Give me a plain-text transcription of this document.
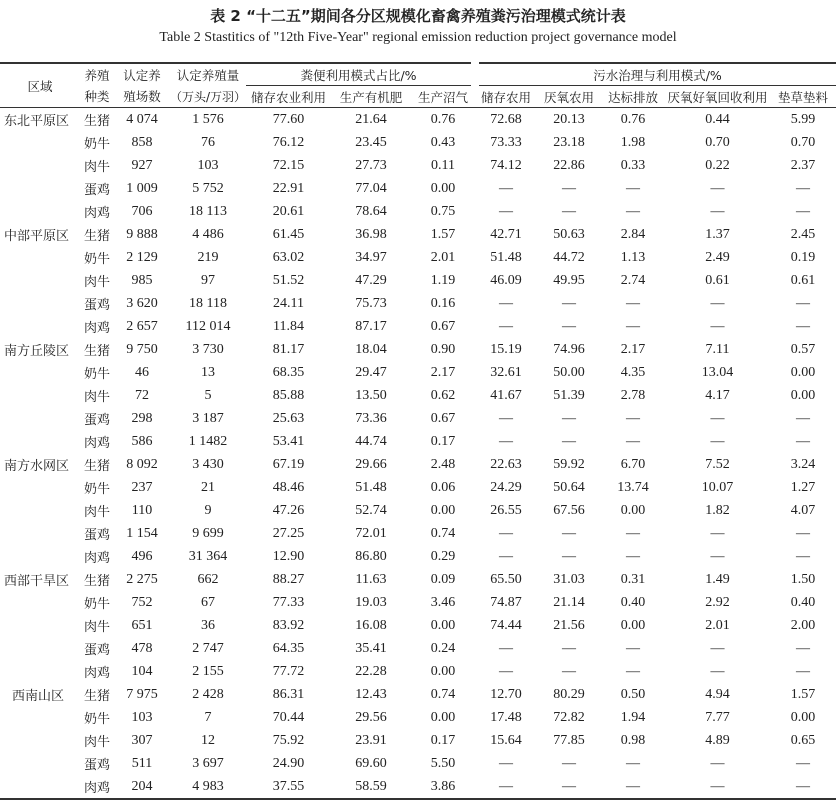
表 2 “十二五”期间各分区规模化畜禽养殖粪污治理模式统计表
Table 2 Stastitics of "12th Five-Year" regional emission reduction project governance model
区域	养殖	认定养	认定养殖量	粪便利用模式占比/%			污水治理与利用模式/%				
	种类	殖场数	（万头/万羽）	储存农业利用	生产有机肥	生产沼气	储存农用	厌氧农用	达标排放	厌氧好氧回收利用	垫草垫料
东北平原区	生猪	4 074	1 576	77.60	21.64	0.76	72.68	20.13	0.76	0.44	5.99
	奶牛	858	76	76.12	23.45	0.43	73.33	23.18	1.98	0.70	0.70
	肉牛	927	103	72.15	27.73	0.11	74.12	22.86	0.33	0.22	2.37
	蛋鸡	1 009	5 752	22.91	77.04	0.00	—	—	—	—	—
	肉鸡	706	18 113	20.61	78.64	0.75	—	—	—	—	—
中部平原区	生猪	9 888	4 486	61.45	36.98	1.57	42.71	50.63	2.84	1.37	2.45
	奶牛	2 129	219	63.02	34.97	2.01	51.48	44.72	1.13	2.49	0.19
	肉牛	985	97	51.52	47.29	1.19	46.09	49.95	2.74	0.61	0.61
	蛋鸡	3 620	18 118	24.11	75.73	0.16	—	—	—	—	—
	肉鸡	2 657	112 014	11.84	87.17	0.67	—	—	—	—	—
南方丘陵区	生猪	9 750	3 730	81.17	18.04	0.90	15.19	74.96	2.17	7.11	0.57
	奶牛	46	13	68.35	29.47	2.17	32.61	50.00	4.35	13.04	0.00
	肉牛	72	5	85.88	13.50	0.62	41.67	51.39	2.78	4.17	0.00
	蛋鸡	298	3 187	25.63	73.36	0.67	—	—	—	—	—
	肉鸡	586	1 1482	53.41	44.74	0.17	—	—	—	—	—
南方水网区	生猪	8 092	3 430	67.19	29.66	2.48	22.63	59.92	6.70	7.52	3.24
	奶牛	237	21	48.46	51.48	0.06	24.29	50.64	13.74	10.07	1.27
	肉牛	110	9	47.26	52.74	0.00	26.55	67.56	0.00	1.82	4.07
	蛋鸡	1 154	9 699	27.25	72.01	0.74	—	—	—	—	—
	肉鸡	496	31 364	12.90	86.80	0.29	—	—	—	—	—
西部干旱区	生猪	2 275	662	88.27	11.63	0.09	65.50	31.03	0.31	1.49	1.50
	奶牛	752	67	77.33	19.03	3.46	74.87	21.14	0.40	2.92	0.40
	肉牛	651	36	83.92	16.08	0.00	74.44	21.56	0.00	2.01	2.00
	蛋鸡	478	2 747	64.35	35.41	0.24	—	—	—	—	—
	肉鸡	104	2 155	77.72	22.28	0.00	—	—	—	—	—
西南山区	生猪	7 975	2 428	86.31	12.43	0.74	12.70	80.29	0.50	4.94	1.57
	奶牛	103	7	70.44	29.56	0.00	17.48	72.82	1.94	7.77	0.00
	肉牛	307	12	75.92	23.91	0.17	15.64	77.85	0.98	4.89	0.65
	蛋鸡	511	3 697	24.90	69.60	5.50	—	—	—	—	—
	肉鸡	204	4 983	37.55	58.59	3.86	—	—	—	—	—
